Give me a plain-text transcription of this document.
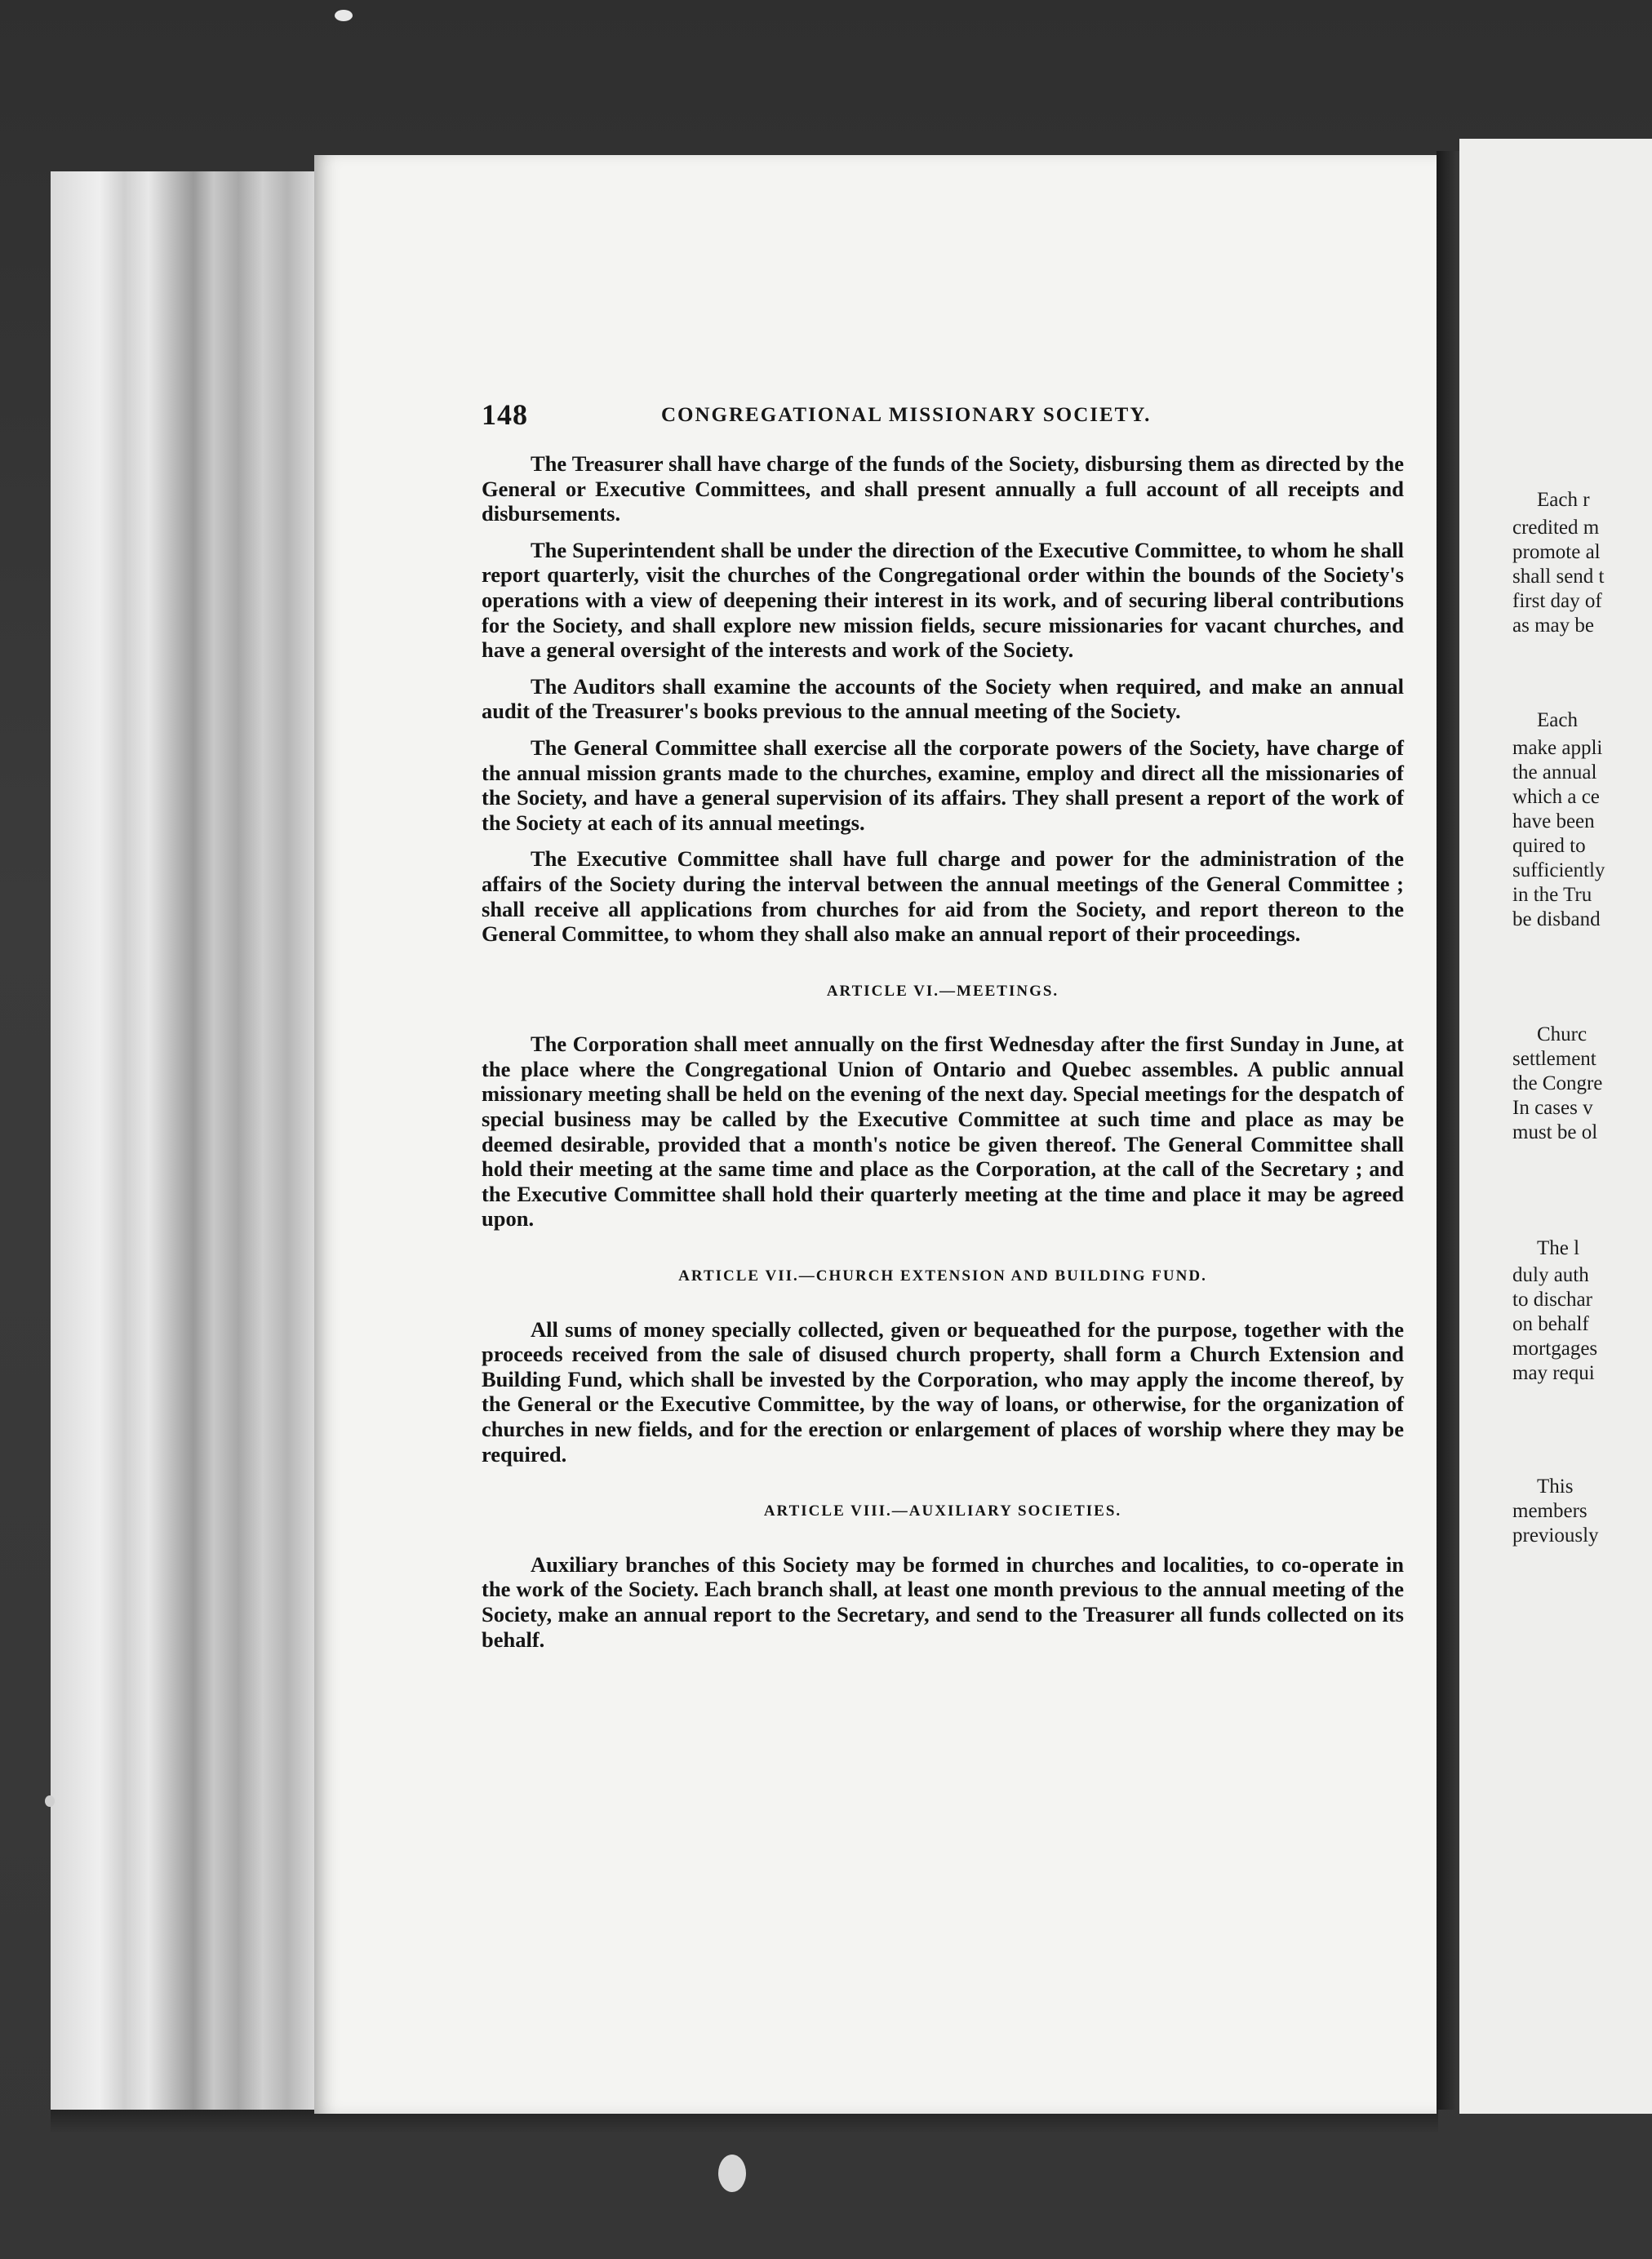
Each r
credited m
promote al
shall send t
first day of
as may be
Each
make appli
the annual
which a ce
have been
quired to
sufficiently
in the Tru
be disband
Churc
settlement
the Congre
In cases v
must be ol
The l
duly auth
to dischar
on behalf
mortgages
may requi
This
members
previously
148	CONGREGATIONAL MISSIONARY SOCIETY.

The Treasurer shall have charge of the funds of the Society, disbursing them as directed by the General or Executive Committees, and shall present annually a full account of all receipts and disbursements.

The Superintendent shall be under the direction of the Executive Committee, to whom he shall report quarterly, visit the churches of the Congregational order within the bounds of the Society's operations with a view of deepening their interest in its work, and of securing liberal contributions for the Society, and shall explore new mission fields, secure missionaries for vacant churches, and have a general oversight of the interests and work of the Society.

The Auditors shall examine the accounts of the Society when required, and make an annual audit of the Treasurer's books previous to the annual meeting of the Society.

The General Committee shall exercise all the corporate powers of the Society, have charge of the annual mission grants made to the churches, examine, employ and direct all the missionaries of the Society, and have a general supervision of its affairs. They shall present a report of the work of the Society at each of its annual meetings.

The Executive Committee shall have full charge and power for the administration of the affairs of the Society during the interval between the annual meetings of the General Committee ; shall receive all applications from churches for aid from the Society, and report thereon to the General Committee, to whom they shall also make an annual report of their proceedings.

ARTICLE VI.—MEETINGS.

The Corporation shall meet annually on the first Wednesday after the first Sunday in June, at the place where the Congregational Union of Ontario and Quebec assembles. A public annual missionary meeting shall be held on the evening of the next day. Special meetings for the despatch of special business may be called by the Executive Committee at such time and place as may be deemed desirable, provided that a month's notice be given thereof. The General Committee shall hold their meeting at the same time and place as the Corporation, at the call of the Secretary ; and the Executive Committee shall hold their quarterly meeting at the time and place it may be agreed upon.

ARTICLE VII.—CHURCH EXTENSION AND BUILDING FUND.

All sums of money specially collected, given or bequeathed for the purpose, together with the proceeds received from the sale of disused church property, shall form a Church Extension and Building Fund, which shall be invested by the Corporation, who may apply the income thereof, by the General or the Executive Committee, by the way of loans, or otherwise, for the organization of churches in new fields, and for the erection or enlargement of places of worship where they may be required.

ARTICLE VIII.—AUXILIARY SOCIETIES.

Auxiliary branches of this Society may be formed in churches and localities, to co-operate in the work of the Society. Each branch shall, at least one month previous to the annual meeting of the Society, make an annual report to the Secretary, and send to the Treasurer all funds collected on its behalf.
